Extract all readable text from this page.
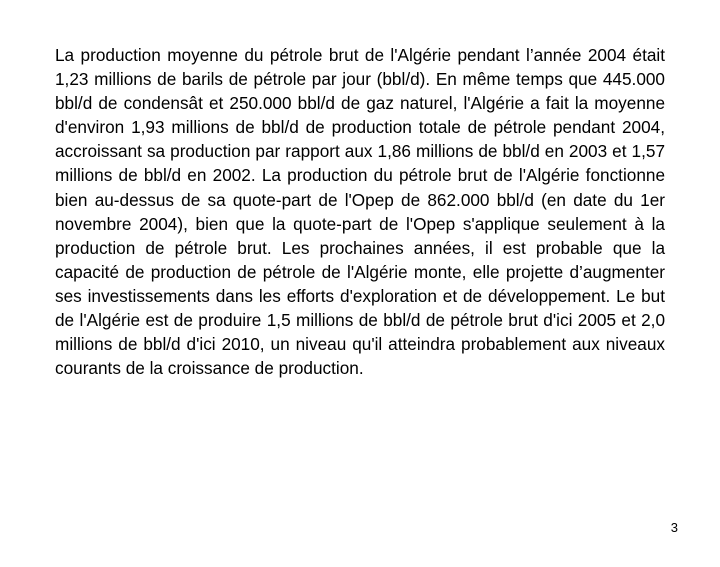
La production moyenne du pétrole brut de l'Algérie pendant l’année 2004 était 1,23 millions de barils de pétrole par jour (bbl/d). En même temps que 445.000 bbl/d de condensât et 250.000 bbl/d de gaz naturel, l'Algérie a fait la moyenne d'environ 1,93 millions de bbl/d de production totale de pétrole pendant 2004, accroissant sa production par rapport aux 1,86 millions de bbl/d en 2003 et 1,57 millions de bbl/d en 2002. La production du pétrole brut de l'Algérie fonctionne bien au-dessus de sa quote-part de l'Opep de 862.000 bbl/d (en date du 1er novembre 2004), bien que la quote-part de l'Opep s'applique seulement à la production de pétrole brut. Les prochaines années, il est probable que la capacité de production de pétrole de l'Algérie monte, elle projette d’augmenter ses investissements dans les efforts d'exploration et de développement. Le but de l'Algérie est de produire 1,5 millions de bbl/d de pétrole brut d'ici 2005 et 2,0 millions de bbl/d d'ici 2010, un niveau qu'il atteindra probablement aux niveaux courants de la croissance de production.

3
